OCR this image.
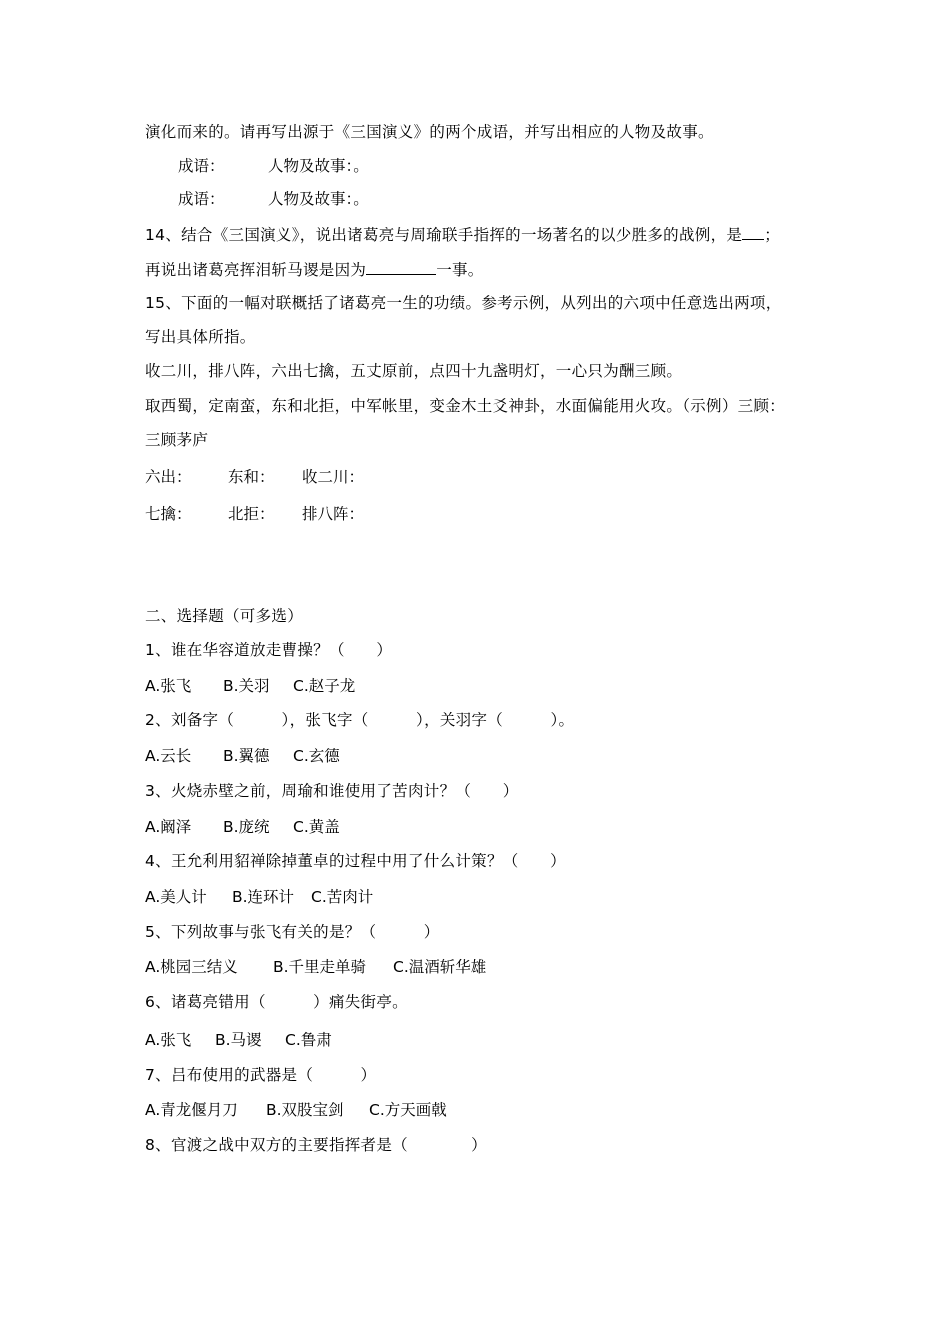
演化而来的。请再写出源于《三国演义》的两个成语，并写出相应的人物及故事。
成语：	人物及故事：。
成语：	人物及故事：。
14、结合《三国演义》，说出诸葛亮与周瑜联手指挥的一场著名的以少胜多的战例，是 ；
再说出诸葛亮挥泪斩马谡是因为	一事。
15、下面的一幅对联概括了诸葛亮一生的功绩。参考示例，从列出的六项中任意选出两项，
写出具体所指。
收二川，排八阵，六出七擒，五丈原前，点四十九盏明灯，一心只为酬三顾。
取西蜀，定南蛮，东和北拒，中军帐里，变金木土爻神卦，水面偏能用火攻。（示例）三顾：
三顾茅庐
六出： 东和： 收二川：
七擒： 北拒： 排八阵：
二、选择题（可多选）
1、谁在华容道放走曹操？（　　）
A.张飞 B.关羽 C.赵子龙
2、刘备字（　　　），张飞字（　　　），关羽字（　　　）。
A.云长 B.翼德 C.玄德
3、火烧赤壁之前，周瑜和谁使用了苦肉计？（　　）
A.阚泽 B.庞统 C.黄盖
4、王允利用貂禅除掉董卓的过程中用了什么计策？（　　）
A.美人计 B.连环计 C.苦肉计
5、下列故事与张飞有关的是？（　　　）
A.桃园三结义 B.千里走单骑 C.温酒斩华雄
6、诸葛亮错用（　　　）痛失街亭。
A.张飞 B.马谡 C.鲁肃
7、吕布使用的武器是（　　　）
A.青龙偃月刀 B.双股宝剑 C.方天画戟
8、官渡之战中双方的主要指挥者是（　　　　）
